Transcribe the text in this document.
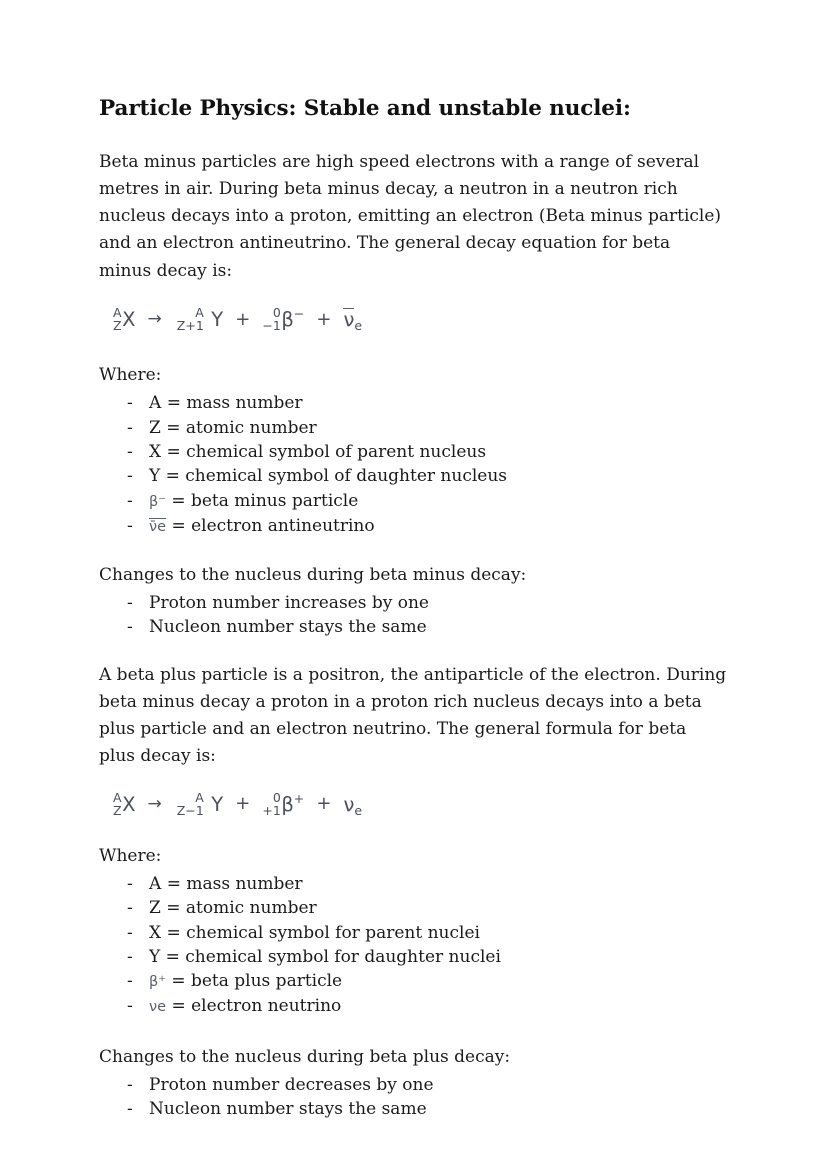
Particle Physics: Stable and unstable nuclei:

Beta minus particles are high speed electrons with a range of several metres in air. During beta minus decay, a neutron in a neutron rich nucleus decays into a proton, emitting an electron (Beta minus particle) and an electron antineutrino. The general decay equation for beta minus decay is:

A
Z X →	A
Z+1 Y +	0
−1 $\beta^- + \nu_e$
Where:
- A = mass number
- Z = atomic number
- X = chemical symbol of parent nucleus
- Y = chemical symbol of daughter nucleus
- β⁻ = beta minus particle
- ν̄e = electron antineutrino
Changes to the nucleus during beta minus decay:
- Proton number increases by one
- Nucleon number stays the same

A beta plus particle is a positron, the antiparticle of the electron. During beta minus decay a proton in a proton rich nucleus decays into a beta plus particle and an electron neutrino. The general formula for beta plus decay is:

A
Z X →	A
Z−1 Y +	0
+1 $\beta^+ + \nu_e$
Where:
- A = mass number
- Z = atomic number
- X = chemical symbol for parent nuclei
- Y = chemical symbol for daughter nuclei
- β⁺ = beta plus particle
- νe = electron neutrino
Changes to the nucleus during beta plus decay:
- Proton number decreases by one
- Nucleon number stays the same
